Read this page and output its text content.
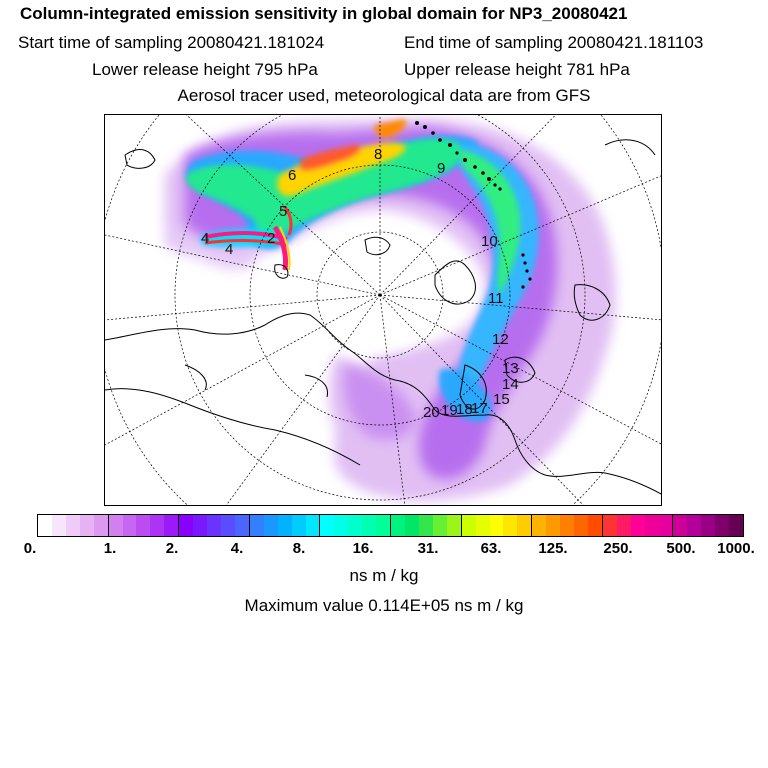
Column-integrated emission sensitivity in global domain for NP3_20080421
Start time of sampling 20080421.181024	End time of sampling 20080421.181103
Lower release height 795 hPa	Upper release height 781 hPa
Aerosol tracer used, meteorological data are from GFS
4
4
2
5
6
8
9
10
11
12
13
14
15
17
18
19
20
0.	1.	2.	4.	8.	16.	31.	63. 125. 250. 500. 1000.
ns m / kg
Maximum value 0.114E+05 ns m / kg
